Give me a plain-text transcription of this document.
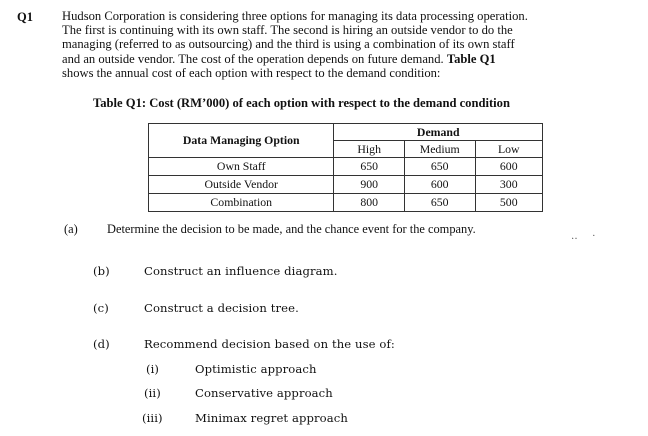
Q1 Hudson Corporation is considering three options for managing its data processing operation.
The first is continuing with its own staff. The second is hiring an outside vendor to do the
managing (referred to as outsourcing) and the third is using a combination of its own staff
and an outside vendor. The cost of the operation depends on future demand. Table Q1
shows the annual cost of each option with respect to the demand condition:
Table Q1: Cost (RM’000) of each option with respect to the demand condition
Data Managing Option	Demand		
	High	Medium	Low
Own Staff	650	650	600
Outside Vendor	900	600	300
Combination	800	650	500
(a) Determine the decision to be made, and the chance event for the company.
‥ ·
(b)	Construct an influence diagram.
(c)	Construct a decision tree.
(d)	Recommend decision based on the use of:
(i)	Optimistic approach
(ii)	Conservative approach
(iii)	Minimax regret approach
